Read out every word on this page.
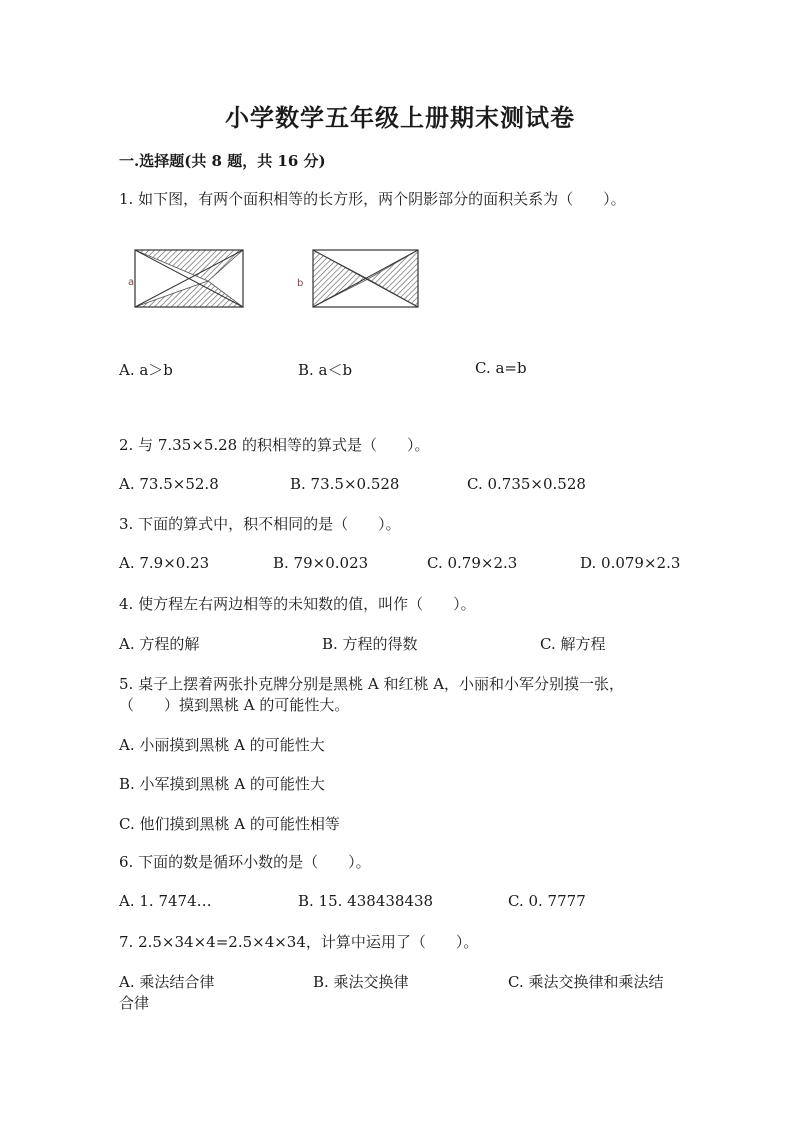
小学数学五年级上册期末测试卷
一.选择题(共 8 题，共 16 分)
1. 如下图，有两个面积相等的长方形，两个阴影部分的面积关系为（　　）。
a	b
A. a＞b	B. a＜b	C. a=b
2. 与 7.35×5.28 的积相等的算式是（　　）。
A. 73.5×52.8	B. 73.5×0.528	C. 0.735×0.528
3. 下面的算式中，积不相同的是（　　）。
A. 7.9×0.23	B. 79×0.023	C. 0.79×2.3	D. 0.079×2.3
4. 使方程左右两边相等的未知数的值，叫作（　　）。
A. 方程的解	B. 方程的得数	C. 解方程
5. 桌子上摆着两张扑克牌分别是黑桃 A 和红桃 A，小丽和小军分别摸一张，
（　　）摸到黑桃 A 的可能性大。
A. 小丽摸到黑桃 A 的可能性大
B. 小军摸到黑桃 A 的可能性大
C. 他们摸到黑桃 A 的可能性相等
6. 下面的数是循环小数的是（　　）。
A. 1. 7474…	B. 15. 438438438	C. 0. 7777
7. 2.5×34×4=2.5×4×34，计算中运用了（　　）。
A. 乘法结合律	B. 乘法交换律	C. 乘法交换律和乘法结
合律
